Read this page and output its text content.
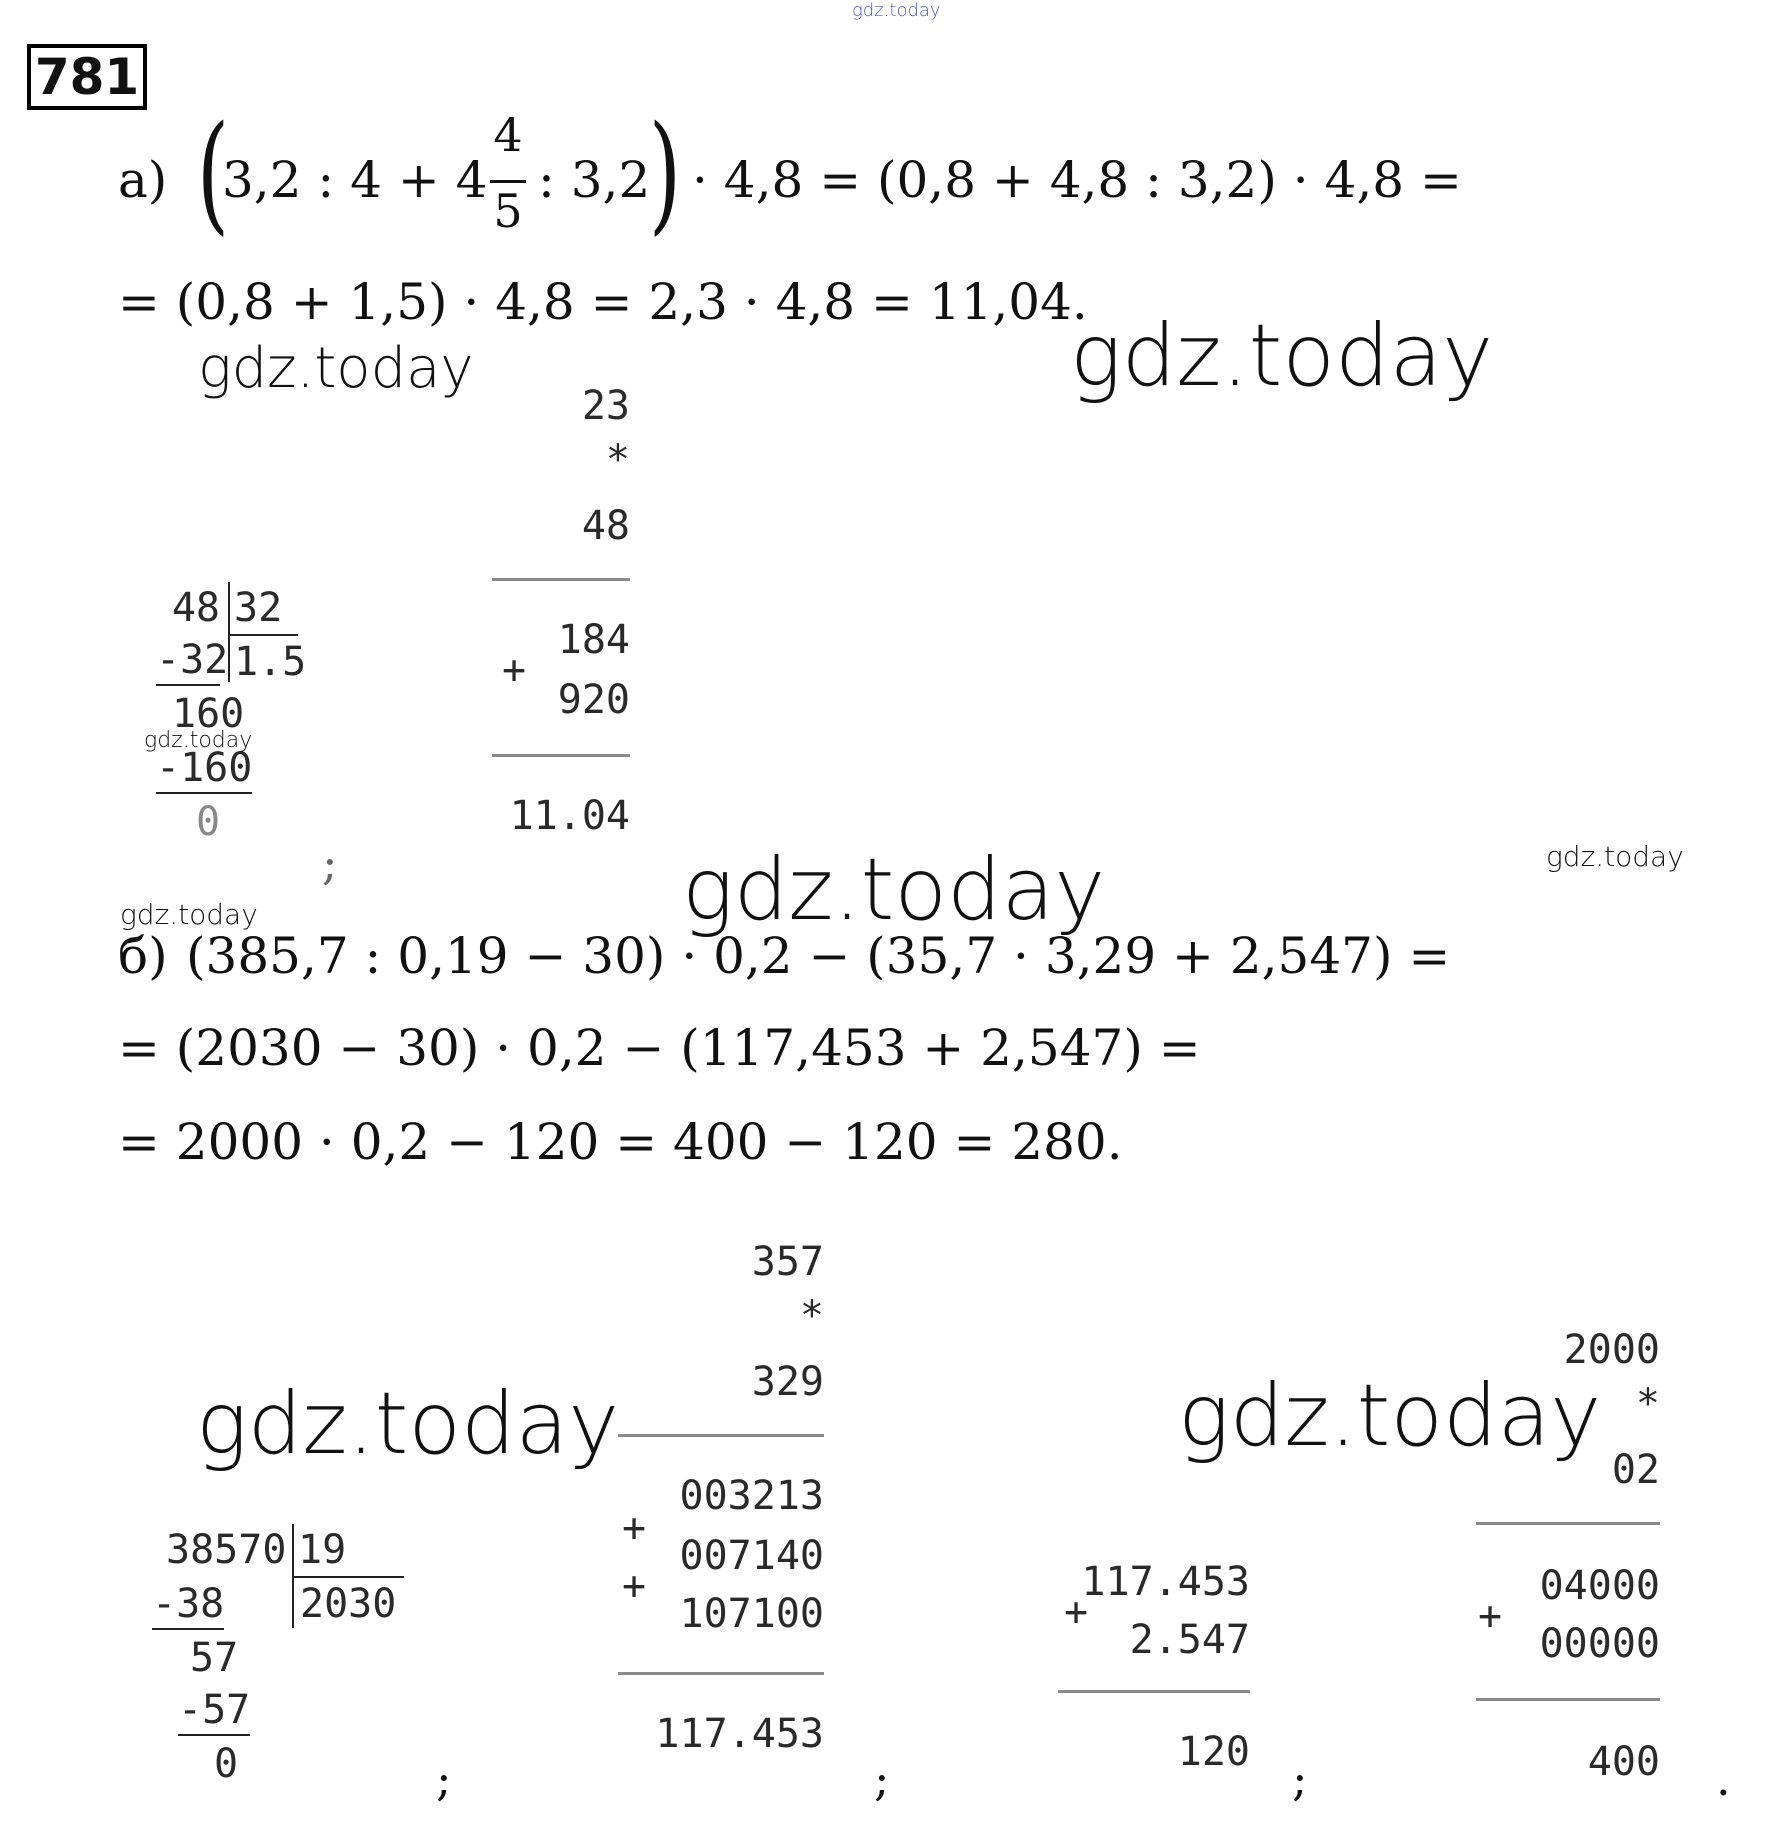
gdz.today
781
а) (
3,2 : 4 + 4
4
5
: 3,2
) · 4,8 = (0,8 + 4,8 : 3,2) · 4,8 =
= (0,8 + 1,5) · 4,8 = 2,3 · 4,8 = 11,04.
gdz.today	gdz.today
48 32
-32 1.5
160
gdz.today
-160
0
23
*
48
184
+
920
11.04
;	gdz.today	gdz.today
gdz.today
б) (385,7 : 0,19 − 30) · 0,2 − (35,7 · 3,29 + 2,547) =
= (2030 − 30) · 0,2 − (117,453 + 2,547) =
= 2000 · 0,2 − 120 = 400 − 120 = 280.
357
*
329
003213
+
007140
+
107100
117.453
gdz.today	gdz.today
38570 19
-38 2030
57
-57
0
117.453
+
2.547
120
2000
*
02
04000
+
00000
400
;	;	;	.
